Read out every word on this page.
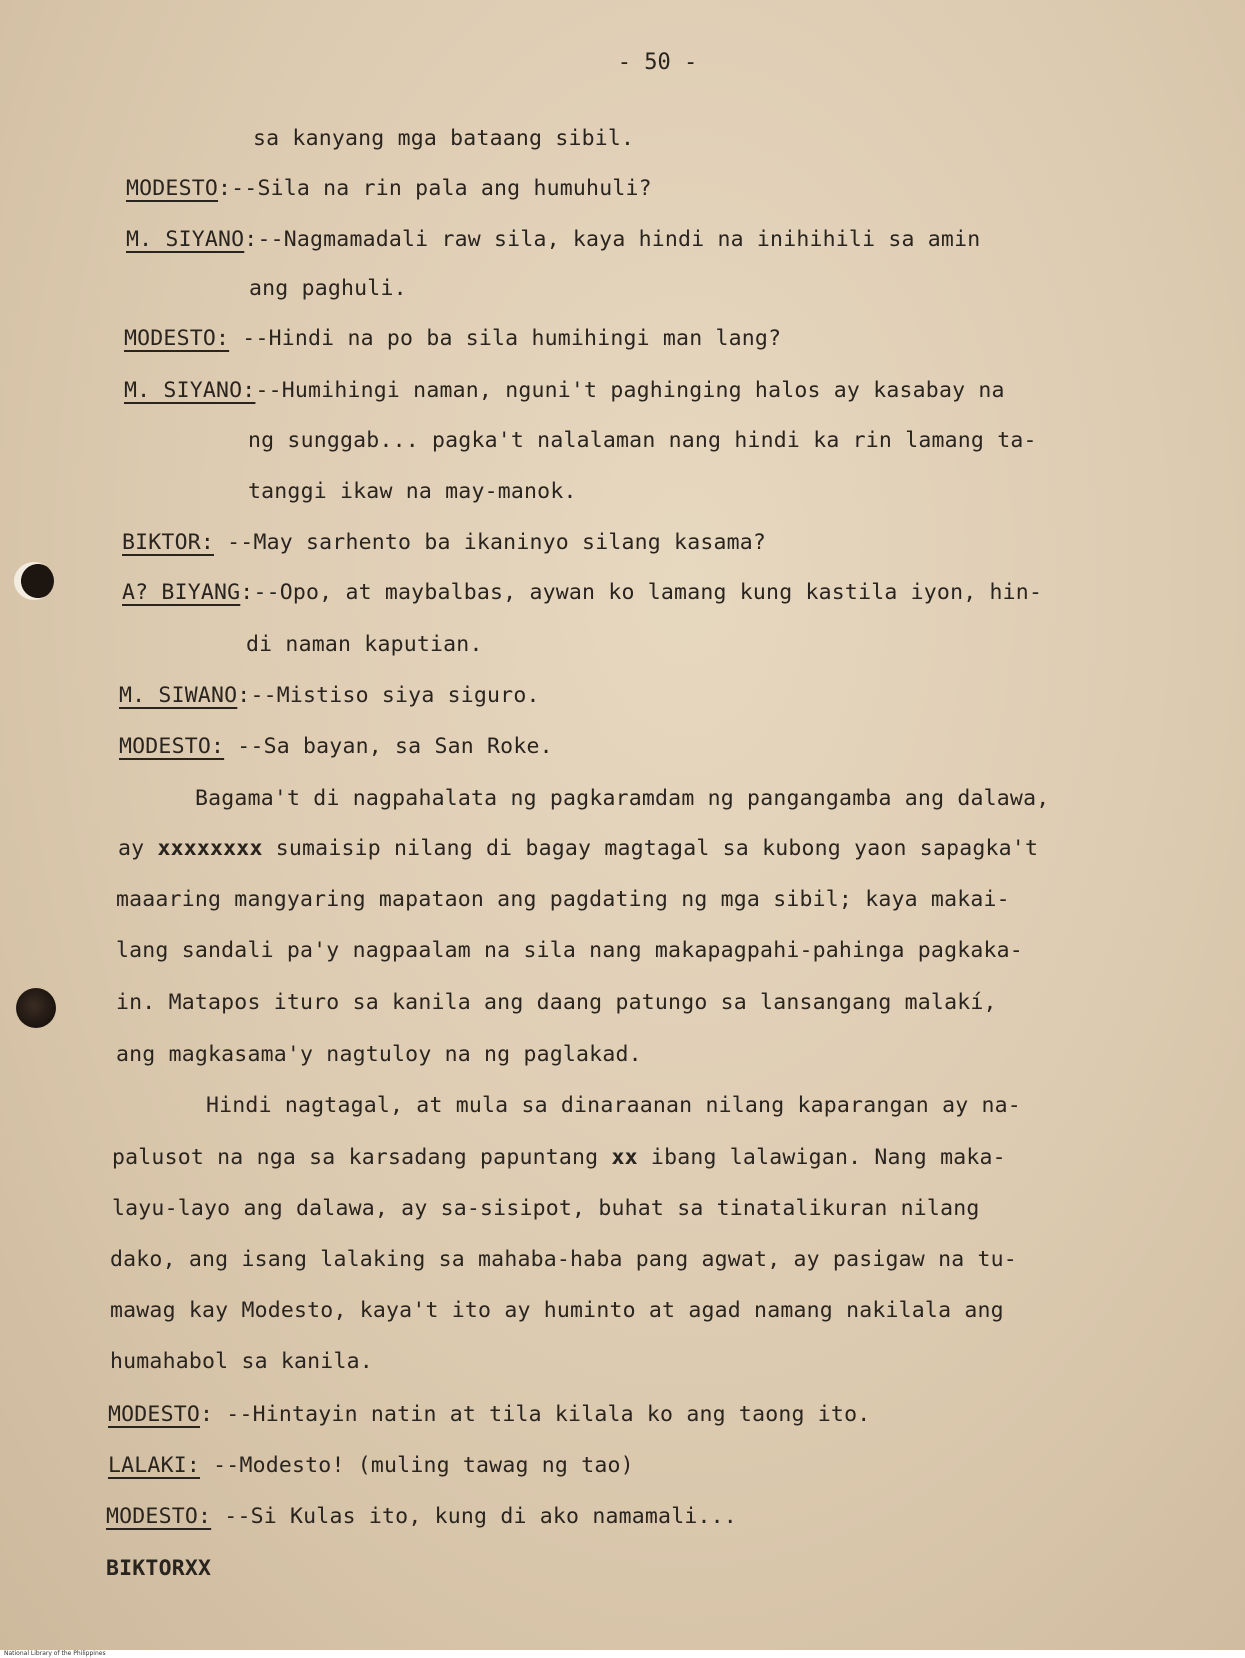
- 50 -
sa kanyang mga bataang sibil.
MODESTO:--Sila na rin pala ang humuhuli?
M. SIYANO:--Nagmamadali raw sila, kaya hindi na inihihili sa amin
ang paghuli.
MODESTO: --Hindi na po ba sila humihingi man lang?
M. SIYANO:--Humihingi naman, nguni't paghinging halos ay kasabay na
ng sunggab... pagka't nalalaman nang hindi ka rin lamang ta-
tanggi ikaw na may-manok.
BIKTOR: --May sarhento ba ikaninyo silang kasama?
A? BIYANG:--Opo, at maybalbas, aywan ko lamang kung kastila iyon, hin-
di naman kaputian.
M. SIWANO:--Mistiso siya siguro.
MODESTO: --Sa bayan, sa San Roke.
Bagama't di nagpahalata ng pagkaramdam ng pangangamba ang dalawa,
ay xxxxxxxx sumaisip nilang di bagay magtagal sa kubong yaon sapagka't
maaaring mangyaring mapataon ang pagdating ng mga sibil; kaya makai-
lang sandali pa'y nagpaalam na sila nang makapagpahi-pahinga pagkaka-
in. Matapos ituro sa kanila ang daang patungo sa lansangang malakí,
ang magkasama'y nagtuloy na ng paglakad.
Hindi nagtagal, at mula sa dinaraanan nilang kaparangan ay na-
palusot na nga sa karsadang papuntang xx ibang lalawigan. Nang maka-
layu-layo ang dalawa, ay sa-sisipot, buhat sa tinatalikuran nilang
dako, ang isang lalaking sa mahaba-haba pang agwat, ay pasigaw na tu-
mawag kay Modesto, kaya't ito ay huminto at agad namang nakilala ang
humahabol sa kanila.
MODESTO: --Hintayin natin at tila kilala ko ang taong ito.
LALAKI: --Modesto! (muling tawag ng tao)
MODESTO: --Si Kulas ito, kung di ako namamali...
BIKTORXX
National Library of the Philippines
